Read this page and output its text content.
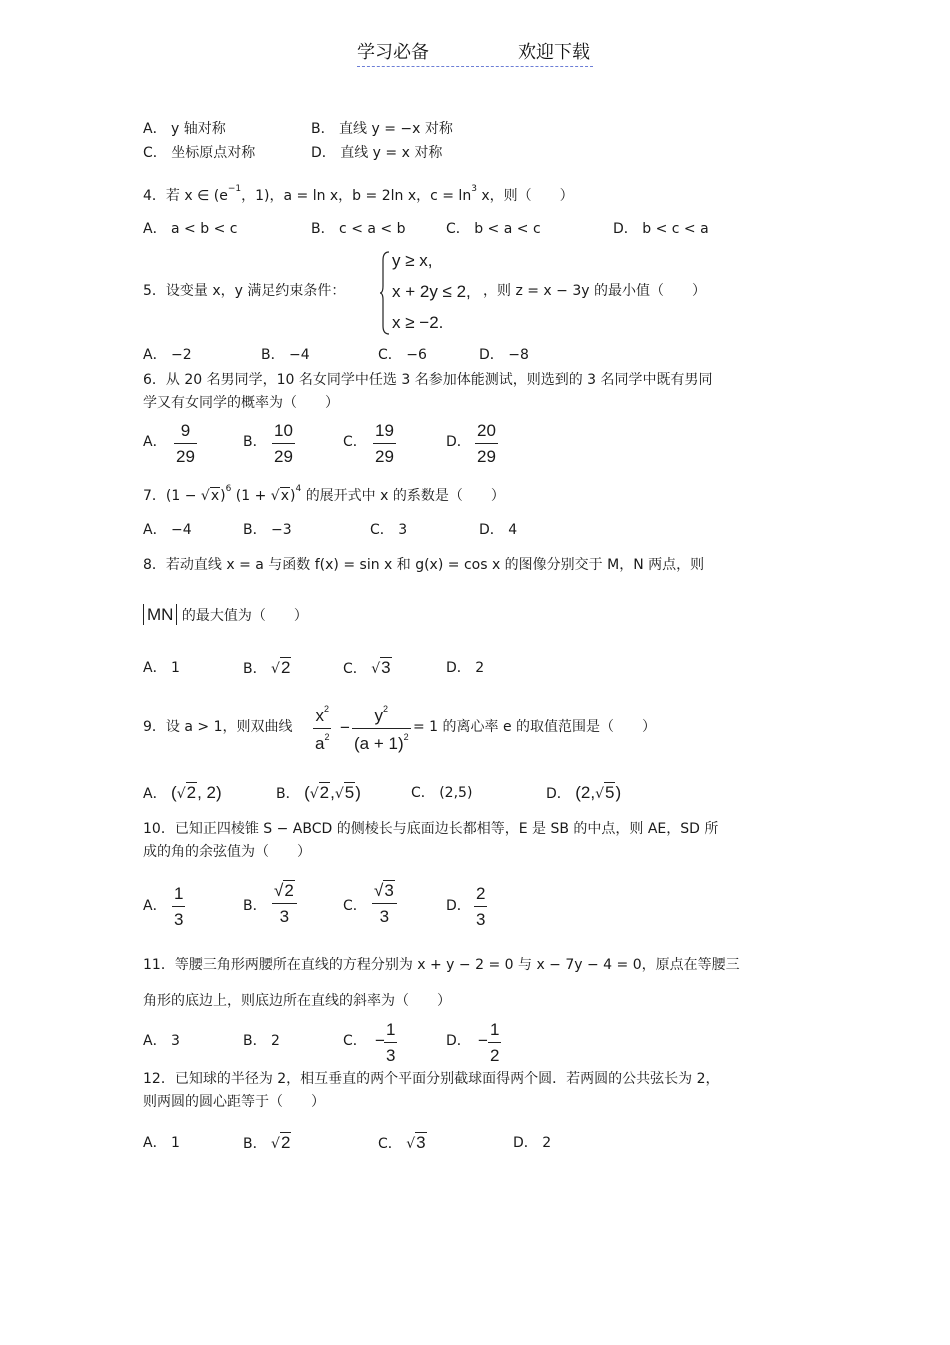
学习必备	欢迎下载
A． y 轴对称	B． 直线 y = −x 对称
C． 坐标原点对称	D． 直线 y = x 对称
4．若 x ∈ ($e^{-1}$，1)，a = ln x，b = 2ln x，$c = \ln^3 x$，则（　　）
A． a < b < c	B． c < a < b	C． b < a < c	D． b < c < a
5．设变量 x，y 满足约束条件：
y ≥ x,
x + 2y ≤ 2,
x ≥ −2.
，则 z = x − 3y 的最小值（　　）
A． −2	B． −4	C． −6	D． −8
6．从 20 名男同学，10 名女同学中任选 3 名参加体能测试，则选到的 3 名同学中既有男同
学又有女同学的概率为（　　）
A．
9
29
B．
10
29
C．
19
29
D．
20
29
7．$(1 - √x)^6$ $(1 + √x)^4$ 的展开式中 x 的系数是（　　）
A． −4	B． −3	C． 3	D． 4
8．若动直线 x = a 与函数 f(x) = sin x 和 g(x) = cos x 的图像分别交于 M，N 两点，则
MN 的最大值为（　　）
A． 1	B． √2	C． √3	D． 2
9．设 a > 1，则双曲线
$x^2$
$a^2$ −
$y^2$
$(a + 1)^2$
= 1 的离心率 e 的取值范围是（　　）
A． (√2, 2)	B． (√2,√5)	C． (2,5)	D． (2,√5)
10．已知正四棱锥 S − ABCD 的侧棱长与底面边长都相等，E 是 SB 的中点，则 AE，SD 所
成的角的余弦值为（　　）
A．
1
3
B．
√2
3
C．
√3
3
D．
2
3
11．等腰三角形两腰所在直线的方程分别为 x + y − 2 = 0 与 x − 7y − 4 = 0，原点在等腰三
角形的底边上，则底边所在直线的斜率为（　　）
A． 3	B． 2	C． −
1
3
D． −
1
2
12．已知球的半径为 2，相互垂直的两个平面分别截球面得两个圆．若两圆的公共弦长为 2，
则两圆的圆心距等于（　　）
A． 1	B． √2	C． √3	D． 2
